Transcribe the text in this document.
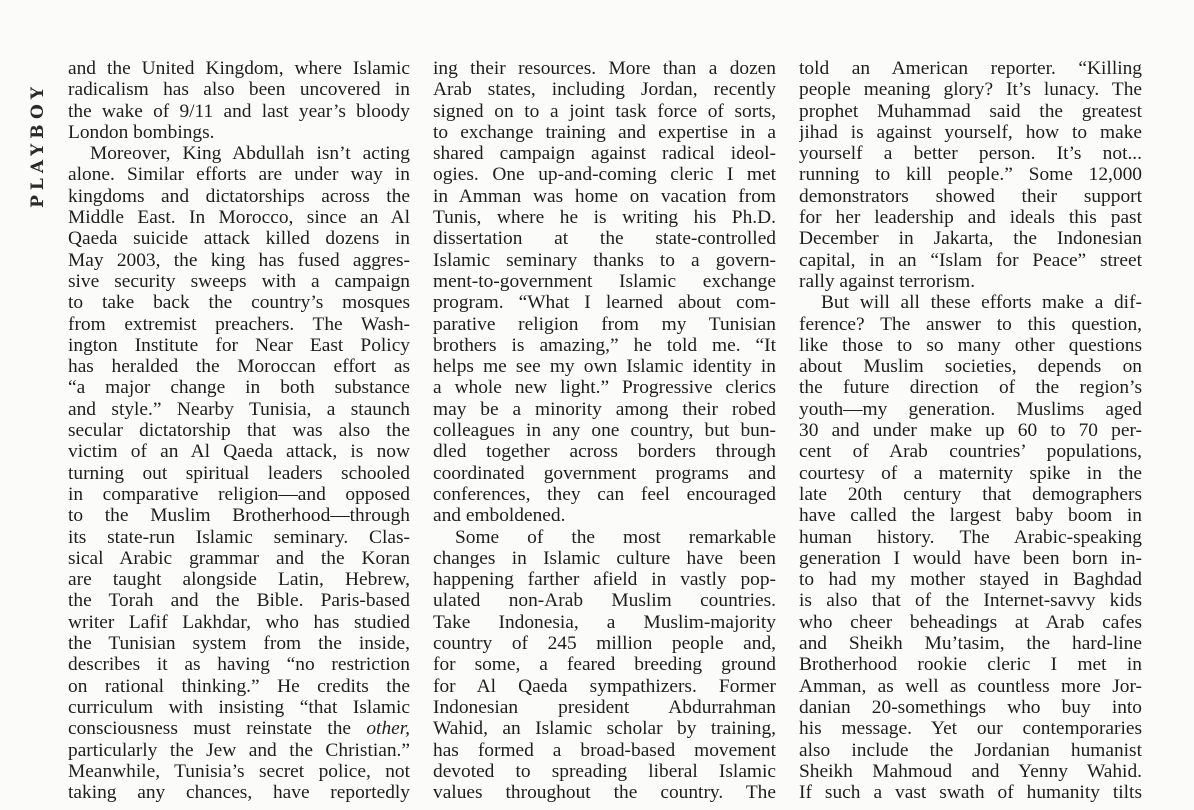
PLAYBOY
and the United Kingdom, where Islamic
radicalism has also been uncovered in
the wake of 9/11 and last year’s bloody
London bombings.
Moreover, King Abdullah isn’t acting
alone. Similar efforts are under way in
kingdoms and dictatorships across the
Middle East. In Morocco, since an Al
Qaeda suicide attack killed dozens in
May 2003, the king has fused aggres-
sive security sweeps with a campaign
to take back the country’s mosques
from extremist preachers. The Wash-
ington Institute for Near East Policy
has heralded the Moroccan effort as
“a major change in both substance
and style.” Nearby Tunisia, a staunch
secular dictatorship that was also the
victim of an Al Qaeda attack, is now
turning out spiritual leaders schooled
in comparative religion—and opposed
to the Muslim Brotherhood—through
its state-run Islamic seminary. Clas-
sical Arabic grammar and the Koran
are taught alongside Latin, Hebrew,
the Torah and the Bible. Paris-based
writer Lafif Lakhdar, who has studied
the Tunisian system from the inside,
describes it as having “no restriction
on rational thinking.” He credits the
curriculum with insisting “that Islamic
consciousness must reinstate the other,
particularly the Jew and the Christian.”
Meanwhile, Tunisia’s secret police, not
taking any chances, have reportedly
ing their resources. More than a dozen
Arab states, including Jordan, recently
signed on to a joint task force of sorts,
to exchange training and expertise in a
shared campaign against radical ideol-
ogies. One up-and-coming cleric I met
in Amman was home on vacation from
Tunis, where he is writing his Ph.D.
dissertation at the state-controlled
Islamic seminary thanks to a govern-
ment-to-government Islamic exchange
program. “What I learned about com-
parative religion from my Tunisian
brothers is amazing,” he told me. “It
helps me see my own Islamic identity in
a whole new light.” Progressive clerics
may be a minority among their robed
colleagues in any one country, but bun-
dled together across borders through
coordinated government programs and
conferences, they can feel encouraged
and emboldened.
Some of the most remarkable
changes in Islamic culture have been
happening farther afield in vastly pop-
ulated non-Arab Muslim countries.
Take Indonesia, a Muslim-majority
country of 245 million people and,
for some, a feared breeding ground
for Al Qaeda sympathizers. Former
Indonesian president Abdurrahman
Wahid, an Islamic scholar by training,
has formed a broad-based movement
devoted to spreading liberal Islamic
values throughout the country. The
told an American reporter. “Killing
people meaning glory? It’s lunacy. The
prophet Muhammad said the greatest
jihad is against yourself, how to make
yourself a better person. It’s not...
running to kill people.” Some 12,000
demonstrators showed their support
for her leadership and ideals this past
December in Jakarta, the Indonesian
capital, in an “Islam for Peace” street
rally against terrorism.
But will all these efforts make a dif-
ference? The answer to this question,
like those to so many other questions
about Muslim societies, depends on
the future direction of the region’s
youth—my generation. Muslims aged
30 and under make up 60 to 70 per-
cent of Arab countries’ populations,
courtesy of a maternity spike in the
late 20th century that demographers
have called the largest baby boom in
human history. The Arabic-speaking
generation I would have been born in-
to had my mother stayed in Baghdad
is also that of the Internet-savvy kids
who cheer beheadings at Arab cafes
and Sheikh Mu’tasim, the hard-line
Brotherhood rookie cleric I met in
Amman, as well as countless more Jor-
danian 20-somethings who buy into
his message. Yet our contemporaries
also include the Jordanian humanist
Sheikh Mahmoud and Yenny Wahid.
If such a vast swath of humanity tilts
